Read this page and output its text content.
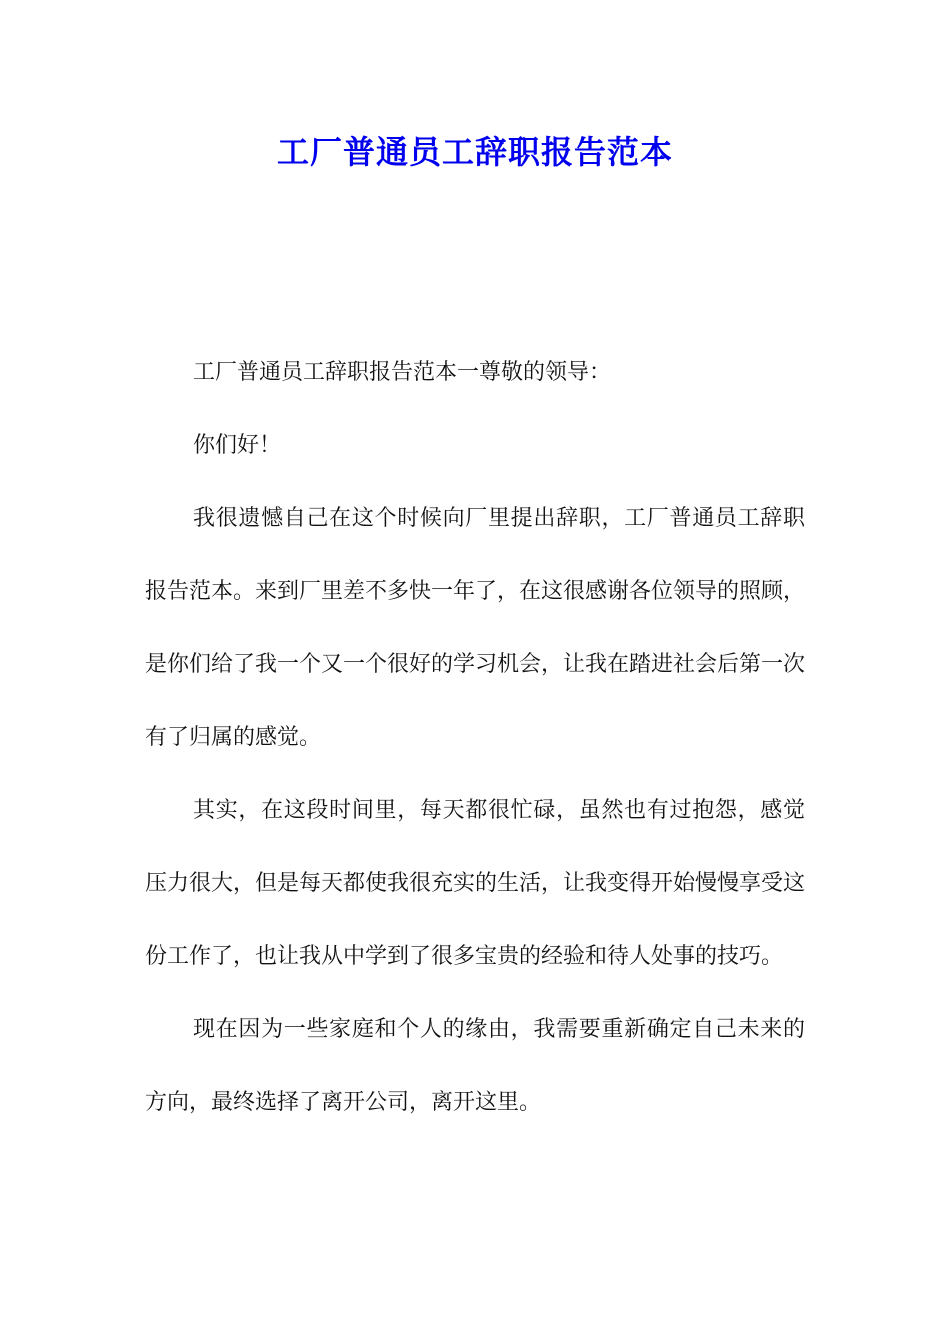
工厂普通员工辞职报告范本

工厂普通员工辞职报告范本一尊敬的领导：

你们好！

我很遗憾自己在这个时候向厂里提出辞职，工厂普通员工辞职报告范本。来到厂里差不多快一年了，在这很感谢各位领导的照顾，是你们给了我一个又一个很好的学习机会，让我在踏进社会后第一次有了归属的感觉。

其实，在这段时间里，每天都很忙碌，虽然也有过抱怨，感觉压力很大，但是每天都使我很充实的生活，让我变得开始慢慢享受这份工作了，也让我从中学到了很多宝贵的经验和待人处事的技巧。

现在因为一些家庭和个人的缘由，我需要重新确定自己未来的方向，最终选择了离开公司，离开这里。
